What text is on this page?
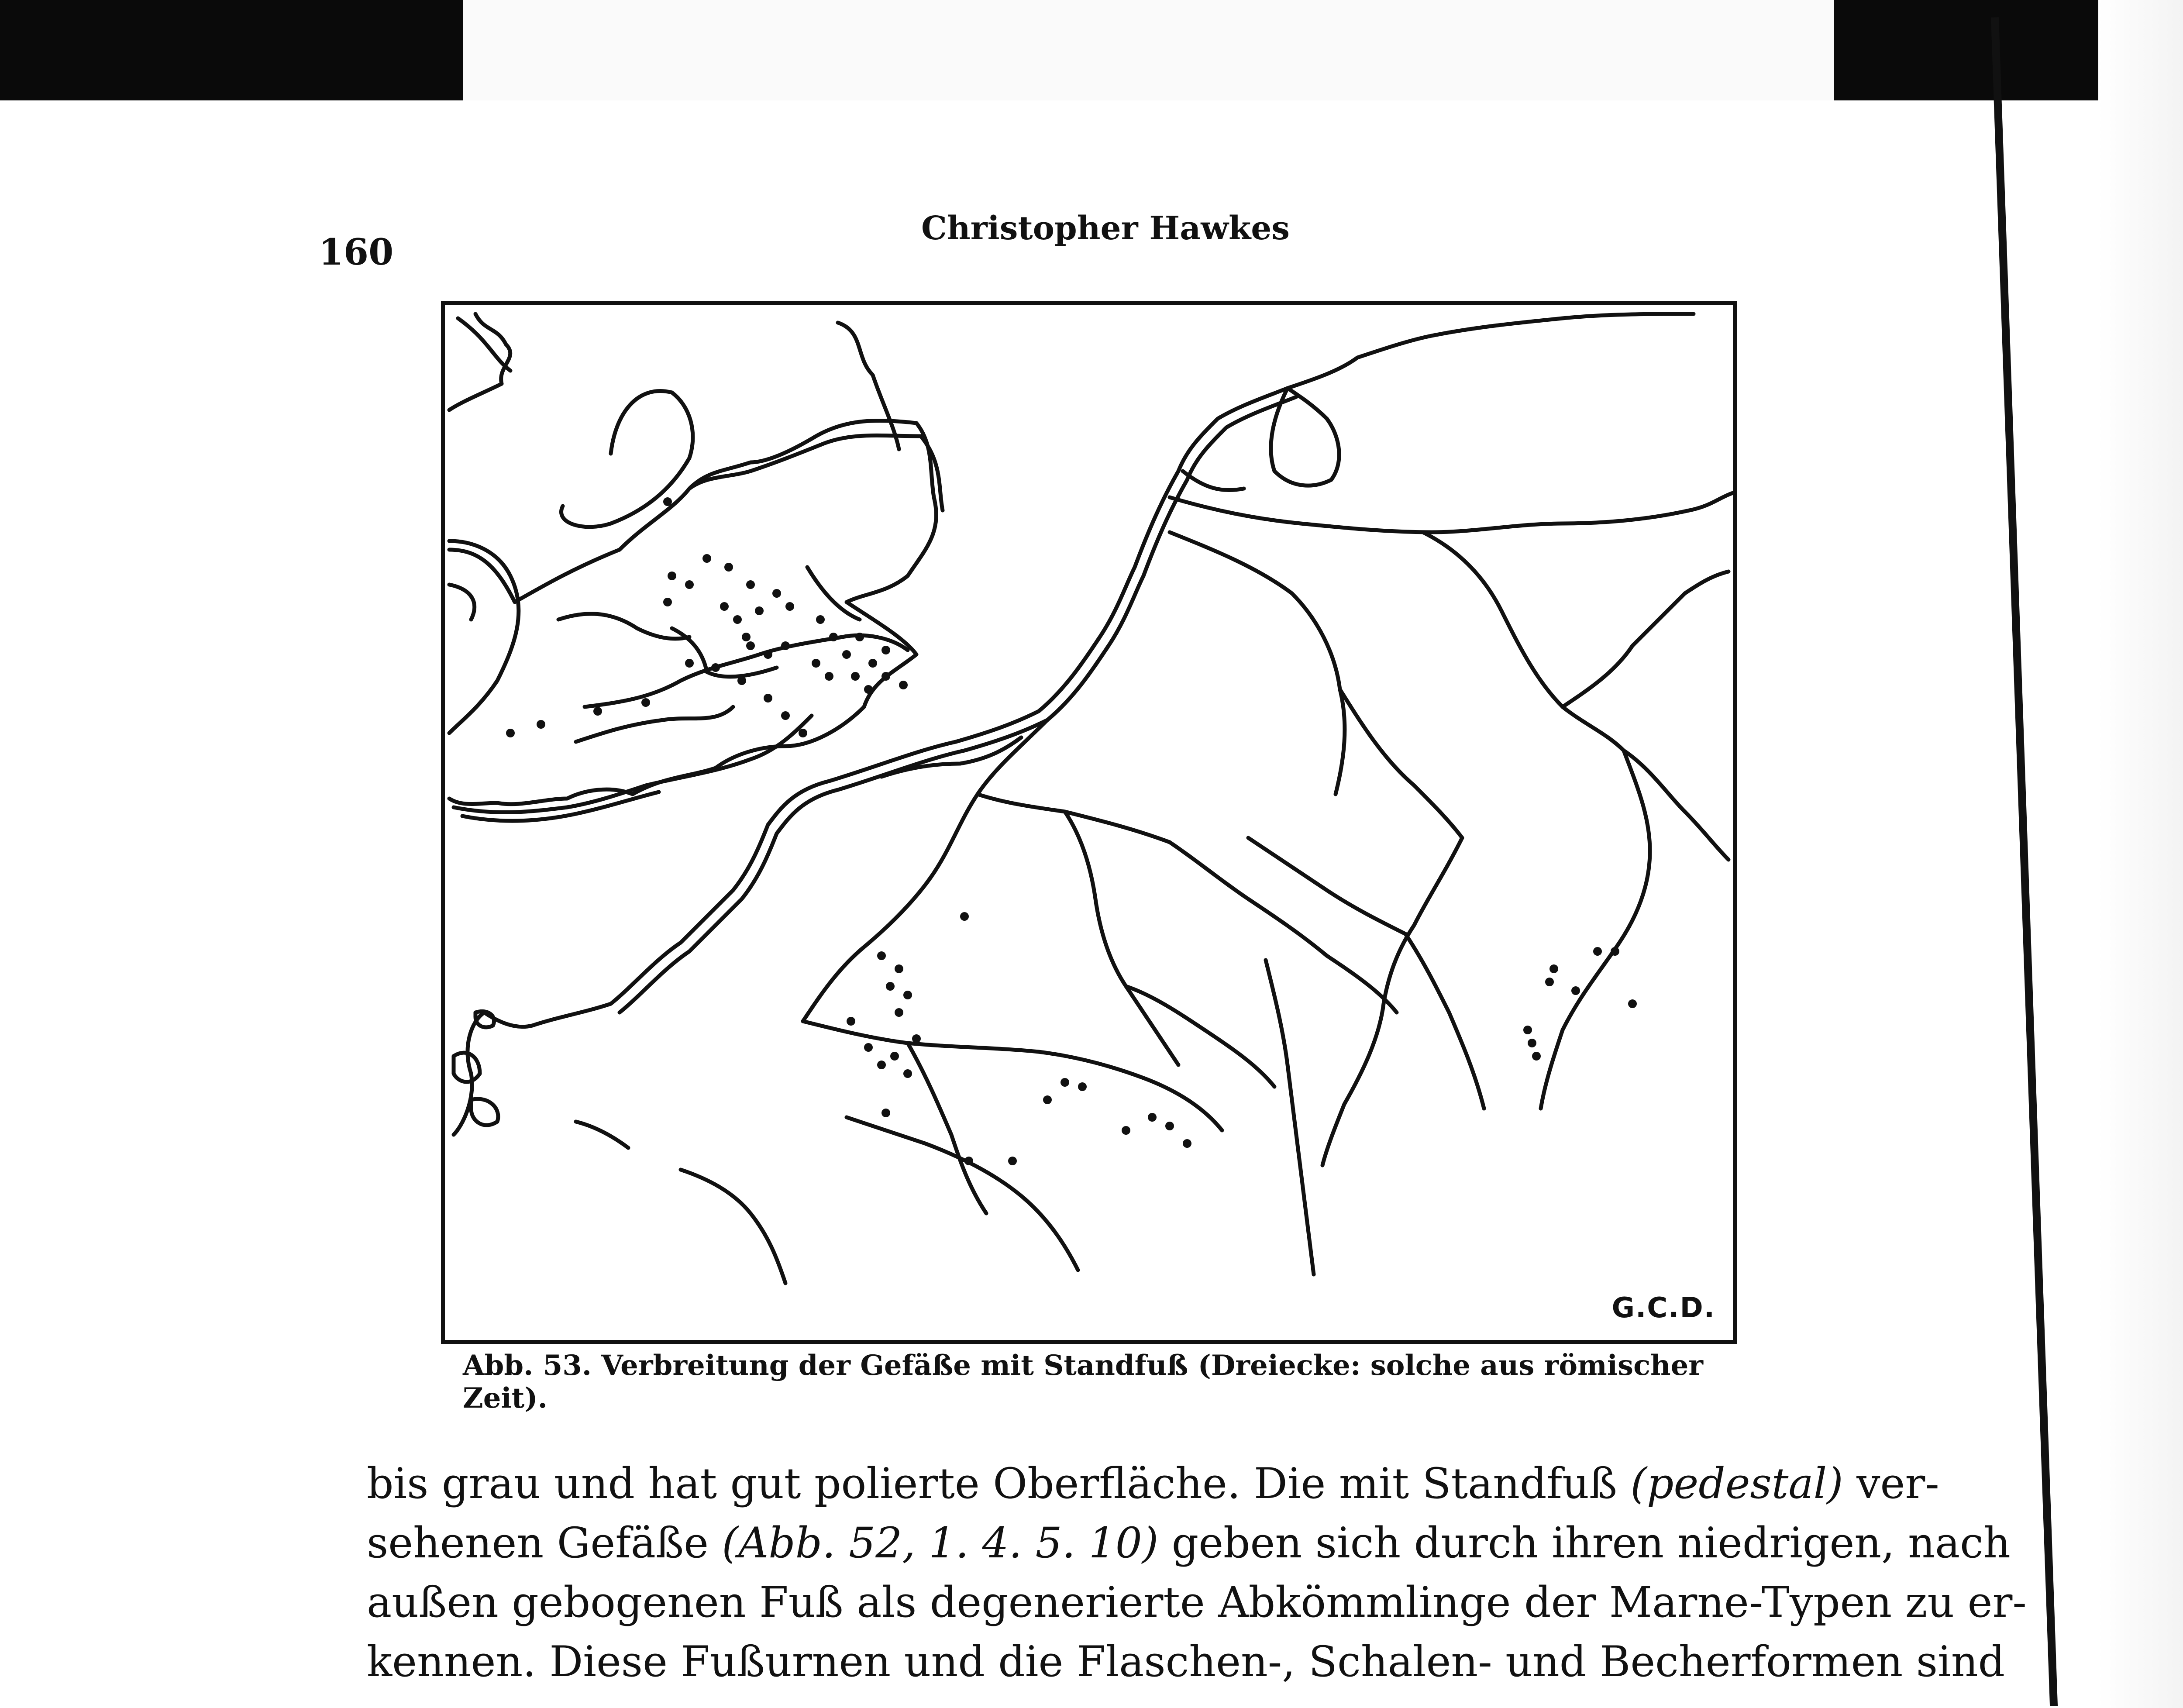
160
Christopher Hawkes
G.C.D.
Abb. 53. Verbreitung der Gefäße mit Standfuß (Dreiecke: solche aus römischer Zeit).
bis grau und hat gut polierte Oberfläche. Die mit Standfuß (pedestal) ver-
sehenen Gefäße (Abb. 52, 1. 4. 5. 10) geben sich durch ihren niedrigen, nach
außen gebogenen Fuß als degenerierte Abkömmlinge der Marne-Typen zu er-
kennen. Diese Fußurnen und die Flaschen-, Schalen- und Becherformen sind
